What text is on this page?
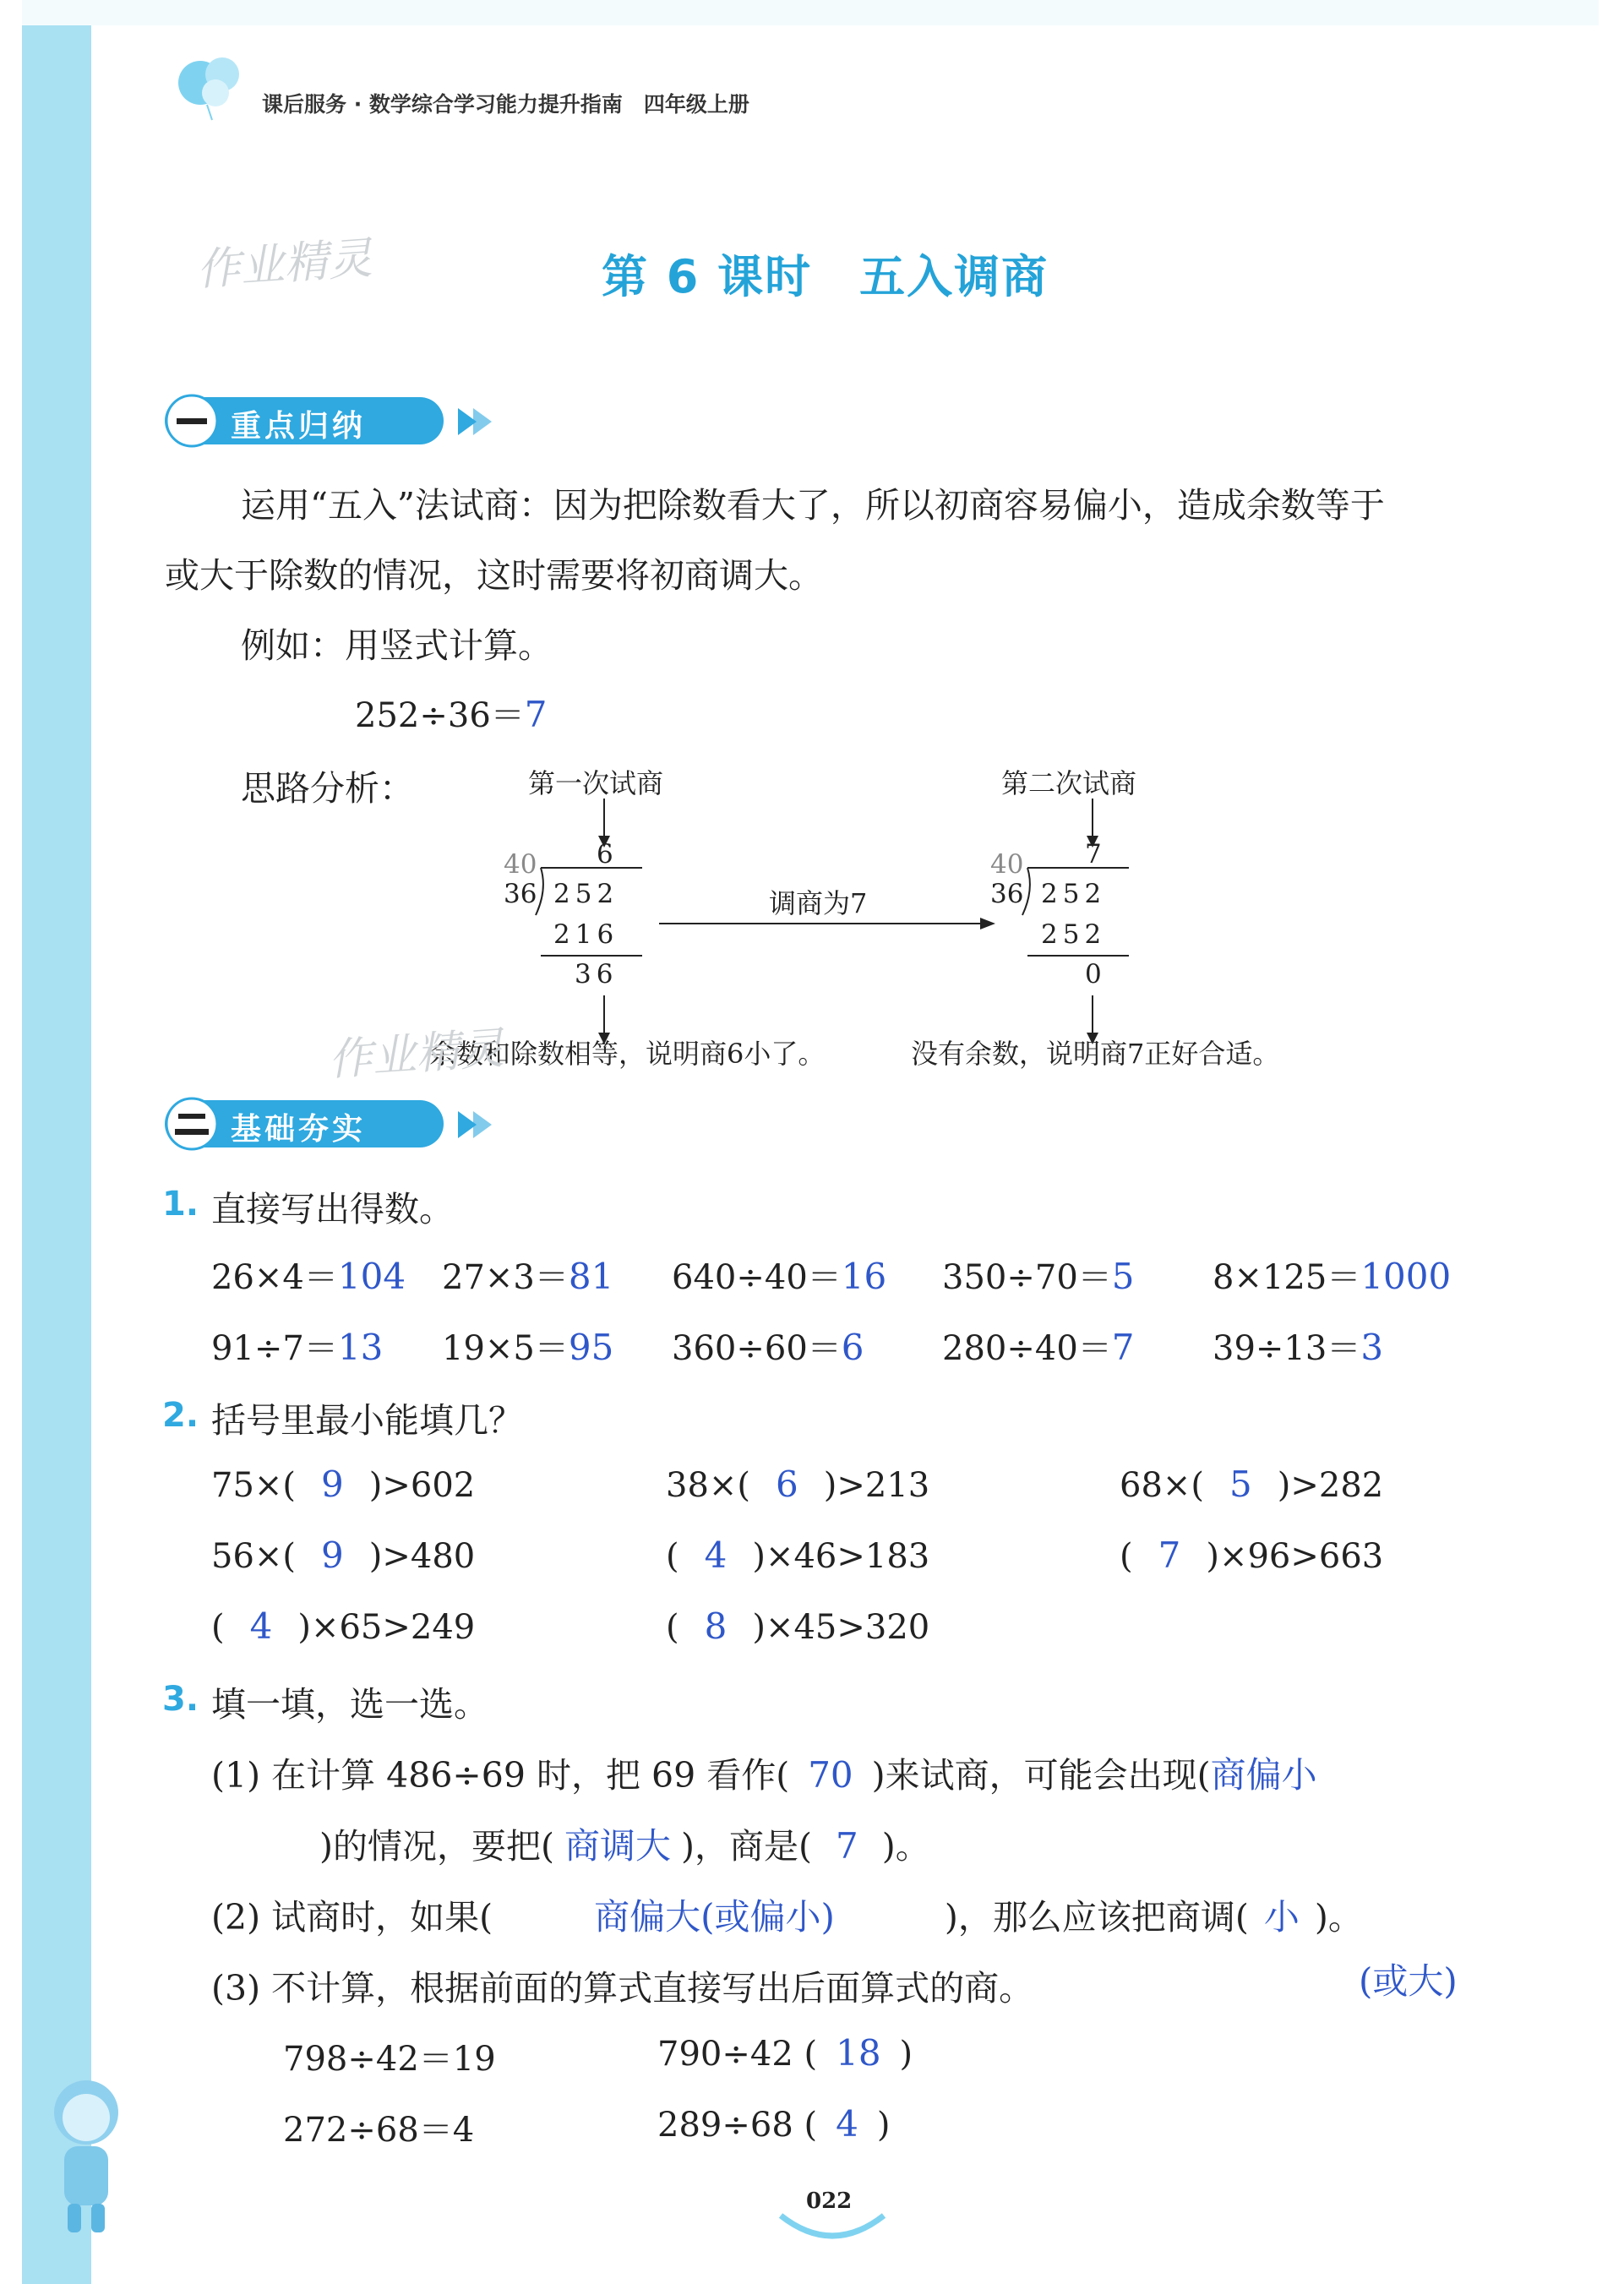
课后服务 · 数学综合学习能力提升指南　四年级上册
作业精灵	第 6 课时　五入调商
重点归纳
运用“五入”法试商：因为把除数看大了，所以初商容易偏小，造成余数等于
或大于除数的情况，这时需要将初商调大。
例如：用竖式计算。
252÷36＝7
思路分析：	第一次试商
40 6
36 252
216
36
余数和除数相等，说明商6小了。
作业精灵
调商为7
第二次试商
40 7
36 252
252
0
没有余数，说明商7正好合适。
基础夯实
1. 直接写出得数。
26×4＝104 27×3＝81 640÷40＝16 350÷70＝5 8×125＝1000
91÷7＝13 19×5＝95 360÷60＝6 280÷40＝7 39÷13＝3
2. 括号里最小能填几？
75×( 9 )>602	38×( 6 )>213	68×( 5 )>282
56×( 9 )>480	( 4 )×46>183	( 7 )×96>663
( 4 )×65>249	( 8 )×45>320
3. 填一填，选一选。
(1) 在计算 486÷69 时，把 69 看作( 70 )来试商，可能会出现(商偏小
)的情况，要把( 商调大 )，商是( 7 )。
(2) 试商时，如果(	商偏大(或偏小)	)，那么应该把商调( 小 )。
(或大)
(3) 不计算，根据前面的算式直接写出后面算式的商。
798÷42＝19	790÷42 ( 18 )
272÷68＝4	289÷68 ( 4 )
022
